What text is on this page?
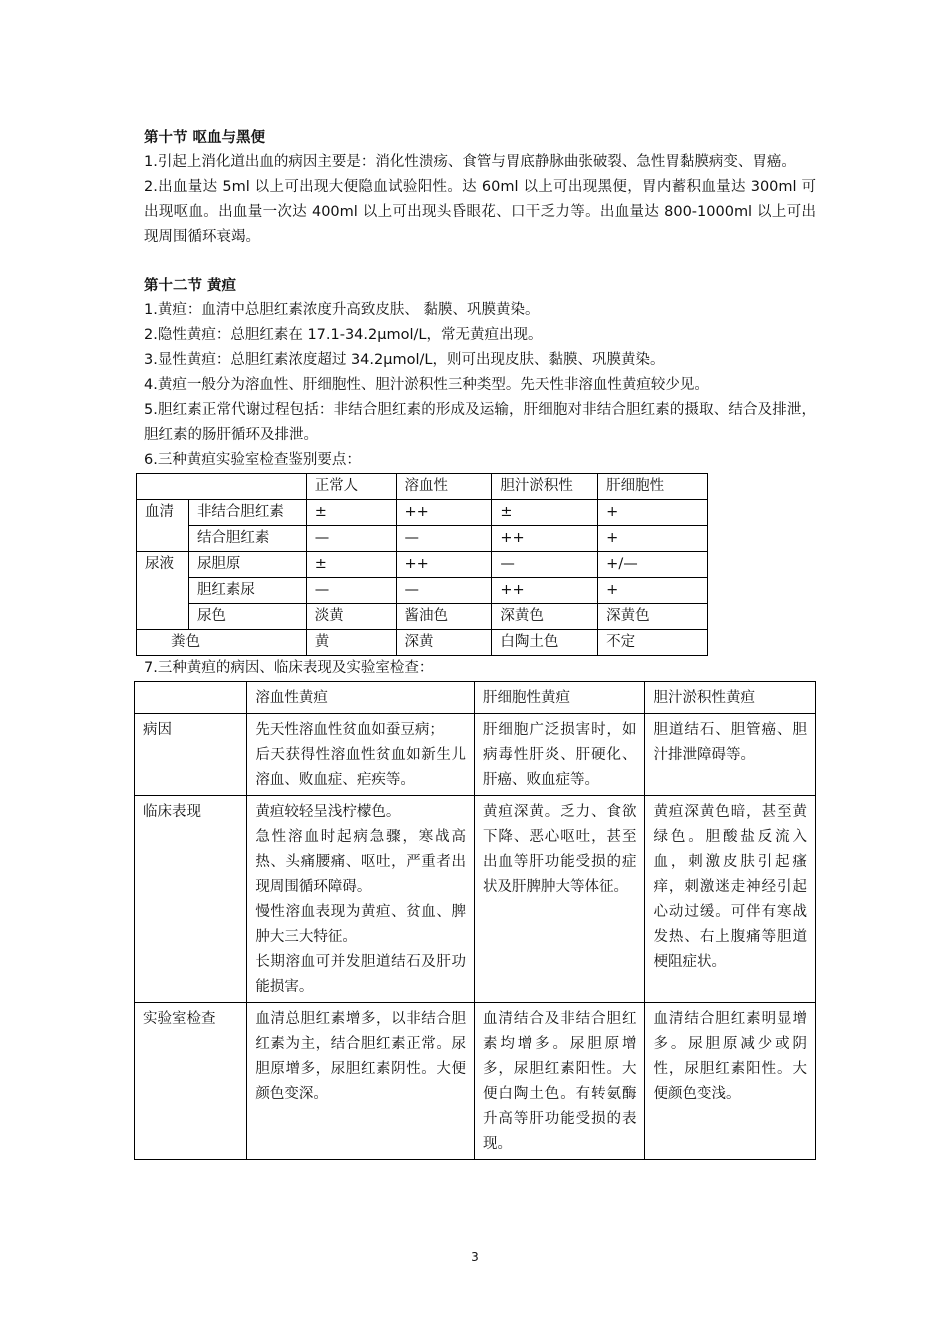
第十节 呕血与黑便

1.引起上消化道出血的病因主要是：消化性溃疡、食管与胃底静脉曲张破裂、急性胃黏膜病变、胃癌。

2.出血量达 5ml 以上可出现大便隐血试验阳性。达 60ml 以上可出现黑便，胃内蓄积血量达 300ml 可出现呕血。出血量一次达 400ml 以上可出现头昏眼花、口干乏力等。出血量达 800-1000ml 以上可出现周围循环衰竭。

第十二节 黄疸

1.黄疸：血清中总胆红素浓度升高致皮肤、 黏膜、巩膜黄染。

2.隐性黄疸：总胆红素在 17.1-34.2μmol/L，常无黄疸出现。

3.显性黄疸：总胆红素浓度超过 34.2μmol/L，则可出现皮肤、黏膜、巩膜黄染。

4.黄疸一般分为溶血性、肝细胞性、胆汁淤积性三种类型。先天性非溶血性黄疸较少见。

5.胆红素正常代谢过程包括：非结合胆红素的形成及运输，肝细胞对非结合胆红素的摄取、结合及排泄，胆红素的肠肝循环及排泄。

6.三种黄疸实验室检查鉴别要点：

		正常人	溶血性	胆汁淤积性	肝细胞性
血清	非结合胆红素	±	++	±	+
	结合胆红素	—	—	++	+
尿液	尿胆原	±	++	—	+/—
	胆红素尿	—	—	++	+
	尿色	淡黄	酱油色	深黄色	深黄色
粪色		黄	深黄	白陶土色	不定

7.三种黄疸的病因、临床表现及实验室检查：

	溶血性黄疸	肝细胞性黄疸	胆汁淤积性黄疸
病因	先天性溶血性贫血如蚕豆病；
后天获得性溶血性贫血如新生儿溶血、败血症、疟疾等。	肝细胞广泛损害时，如病毒性肝炎、肝硬化、肝癌、败血症等。	胆道结石、胆管癌、胆汁排泄障碍等。

临床表现	黄疸较轻呈浅柠檬色。
急性溶血时起病急骤，寒战高热、头痛腰痛、呕吐，严重者出现周围循环障碍。
慢性溶血表现为黄疸、贫血、脾肿大三大特征。
长期溶血可并发胆道结石及肝功能损害。	黄疸深黄。乏力、食欲下降、恶心呕吐，甚至出血等肝功能受损的症状及肝脾肿大等体征。	黄疸深黄色暗，甚至黄绿色。胆酸盐反流入血，刺激皮肤引起瘙痒，刺激迷走神经引起心动过缓。可伴有寒战发热、右上腹痛等胆道梗阻症状。

实验室检查	血清总胆红素增多，以非结合胆红素为主，结合胆红素正常。尿胆原增多，尿胆红素阴性。大便颜色变深。	血清结合及非结合胆红素均增多。尿胆原增多，尿胆红素阳性。大便白陶土色。有转氨酶升高等肝功能受损的表现。	血清结合胆红素明显增多。尿胆原减少或阴性，尿胆红素阳性。大便颜色变浅。
3
